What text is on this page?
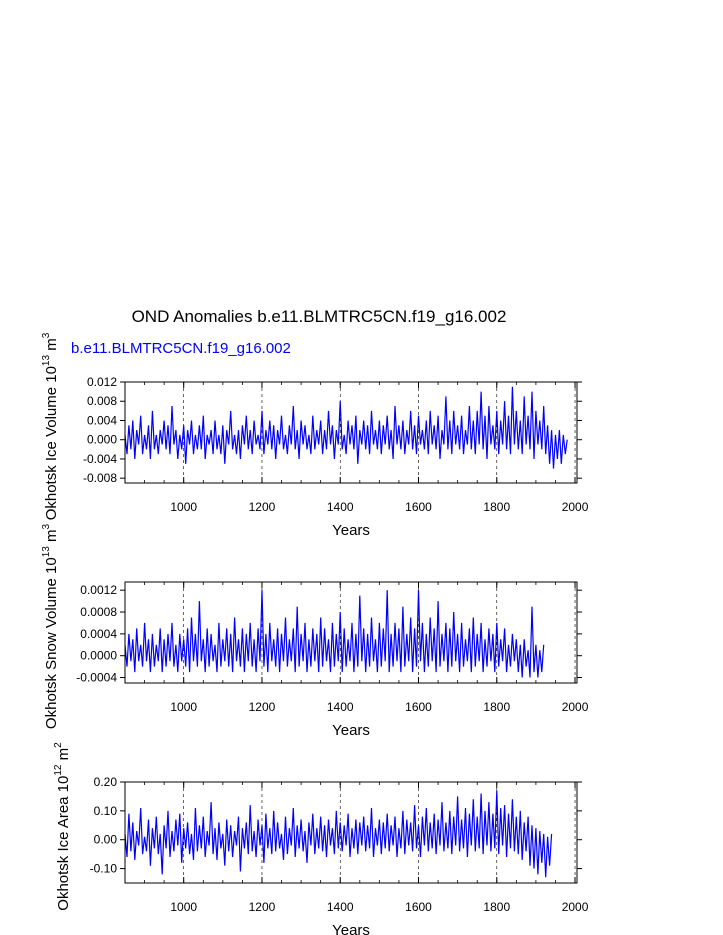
OND Anomalies b.e11.BLMTRC5CN.f19_g16.002
b.e11.BLMTRC5CN.f19_g16.002
1000	1200	1400	1600	1800	2000
-0.008
-0.004
0.000
0.004
0.008
0.012
Years
Okhotsk Ice Volume $10^{13}$ $m^3$
1000	1200	1400	1600	1800	2000
-0.0004
0.0000
0.0004
0.0008
0.0012
Years
Okhotsk Snow Volume $10^{13}$ $m^3$
1000	1200	1400	1600	1800	2000
-0.10
0.00
0.10
0.20
Years
Okhotsk Ice Area $10^{12}$ $m^2$
